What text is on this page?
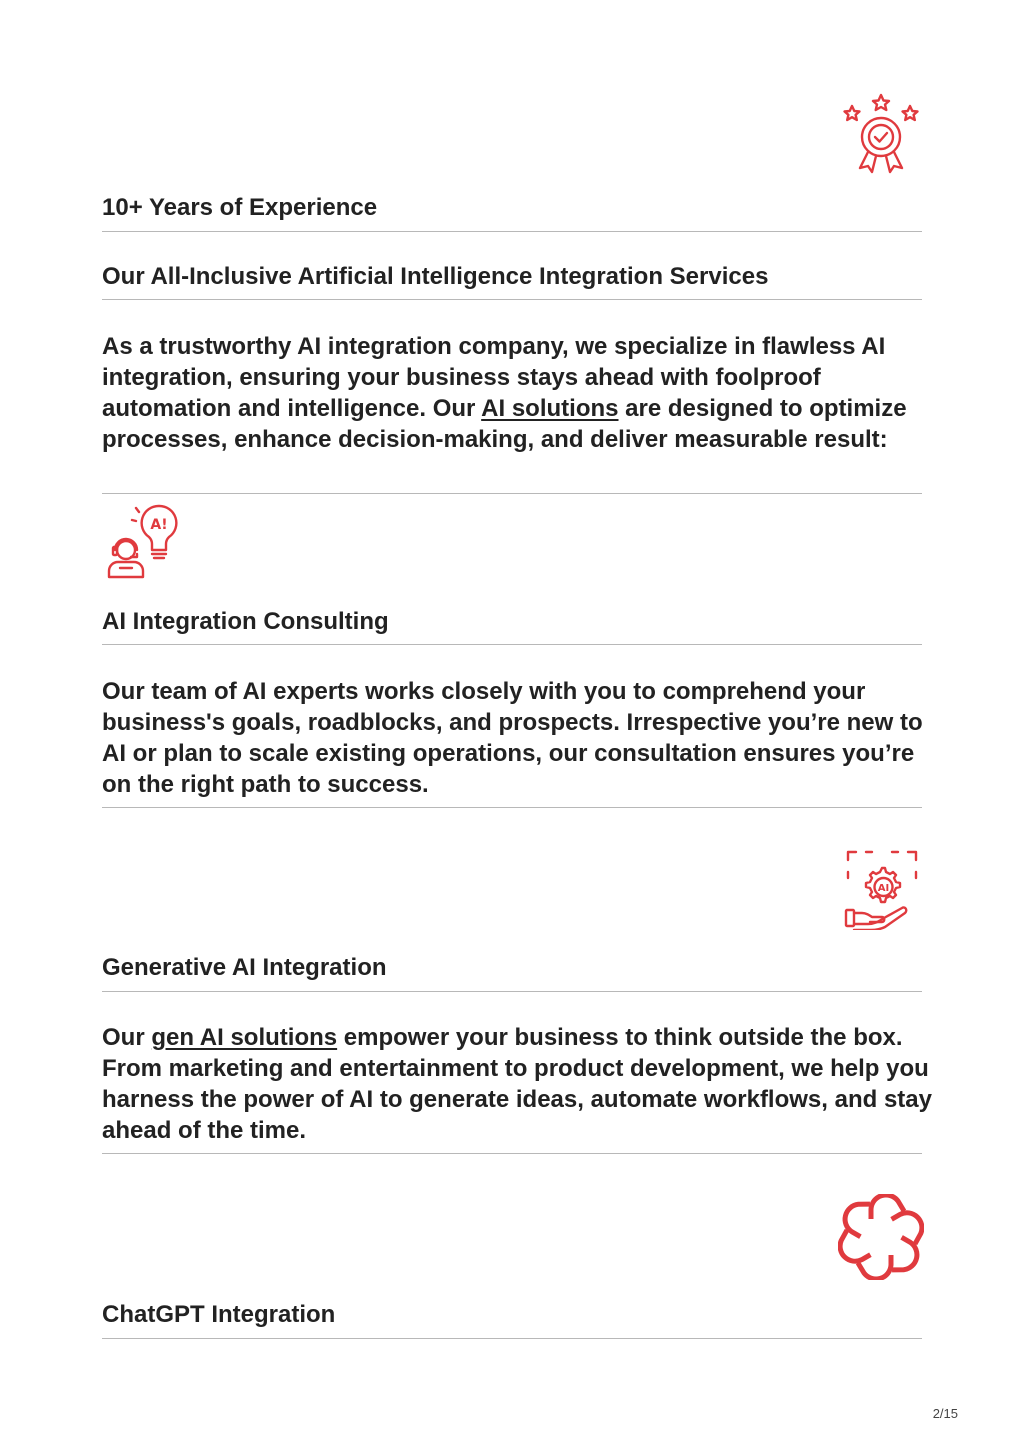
10+ Years of Experience
Our All-Inclusive Artificial Intelligence Integration Services

As a trustworthy AI integration company, we specialize in flawless AI integration, ensuring your business stays ahead with foolproof automation and intelligence. Our AI solutions are designed to optimize processes, enhance decision-making, and deliver measurable result:

A!
AI Integration Consulting

Our team of AI experts works closely with you to comprehend your business's goals, roadblocks, and prospects. Irrespective you’re new to AI or plan to scale existing operations, our consultation ensures you’re on the right path to success.

AI
Generative AI Integration

Our gen AI solutions empower your business to think outside the box. From marketing and entertainment to product development, we help you harness the power of AI to generate ideas, automate workflows, and stay ahead of the time.

ChatGPT Integration
2/15
